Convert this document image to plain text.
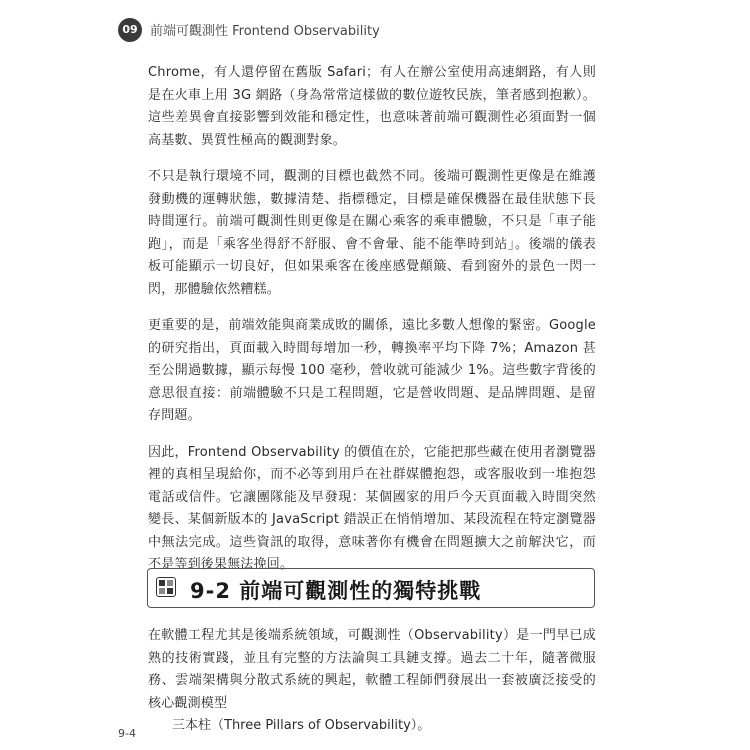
09 前端可觀測性 Frontend Observability

Chrome，有人還停留在舊版 Safari；有人在辦公室使用高速網路，有人則是在火車上用 3G 網路（身為常常這樣做的數位遊牧民族，筆者感到抱歉）。這些差異會直接影響到效能和穩定性，也意味著前端可觀測性必須面對一個高基數、異質性極高的觀測對象。

不只是執行環境不同，觀測的目標也截然不同。後端可觀測性更像是在維護發動機的運轉狀態，數據清楚、指標穩定，目標是確保機器在最佳狀態下長時間運行。前端可觀測性則更像是在關心乘客的乘車體驗，不只是「車子能跑」，而是「乘客坐得舒不舒服、會不會暈、能不能準時到站」。後端的儀表板可能顯示一切良好，但如果乘客在後座感覺顛簸、看到窗外的景色一閃一閃，那體驗依然糟糕。

更重要的是，前端效能與商業成敗的關係，遠比多數人想像的緊密。Google 的研究指出，頁面載入時間每增加一秒，轉換率平均下降 7%；Amazon 甚至公開過數據，顯示每慢 100 毫秒，營收就可能減少 1%。這些數字背後的意思很直接：前端體驗不只是工程問題，它是營收問題、是品牌問題、是留存問題。

因此，Frontend Observability 的價值在於，它能把那些藏在使用者瀏覽器裡的真相呈現給你，而不必等到用戶在社群媒體抱怨，或客服收到一堆抱怨電話或信件。它讓團隊能及早發現：某個國家的用戶今天頁面載入時間突然變長、某個新版本的 JavaScript 錯誤正在悄悄增加、某段流程在特定瀏覽器中無法完成。這些資訊的取得，意味著你有機會在問題擴大之前解決它，而不是等到後果無法挽回。

9-2 前端可觀測性的獨特挑戰

在軟體工程尤其是後端系統領域，可觀測性（Observability）是一門早已成熟的技術實踐，並且有完整的方法論與工具鏈支撐。過去二十年，隨著微服務、雲端架構與分散式系統的興起，軟體工程師們發展出一套被廣泛接受的核心觀測模型

三本柱（Three Pillars of Observability）。

9-4
